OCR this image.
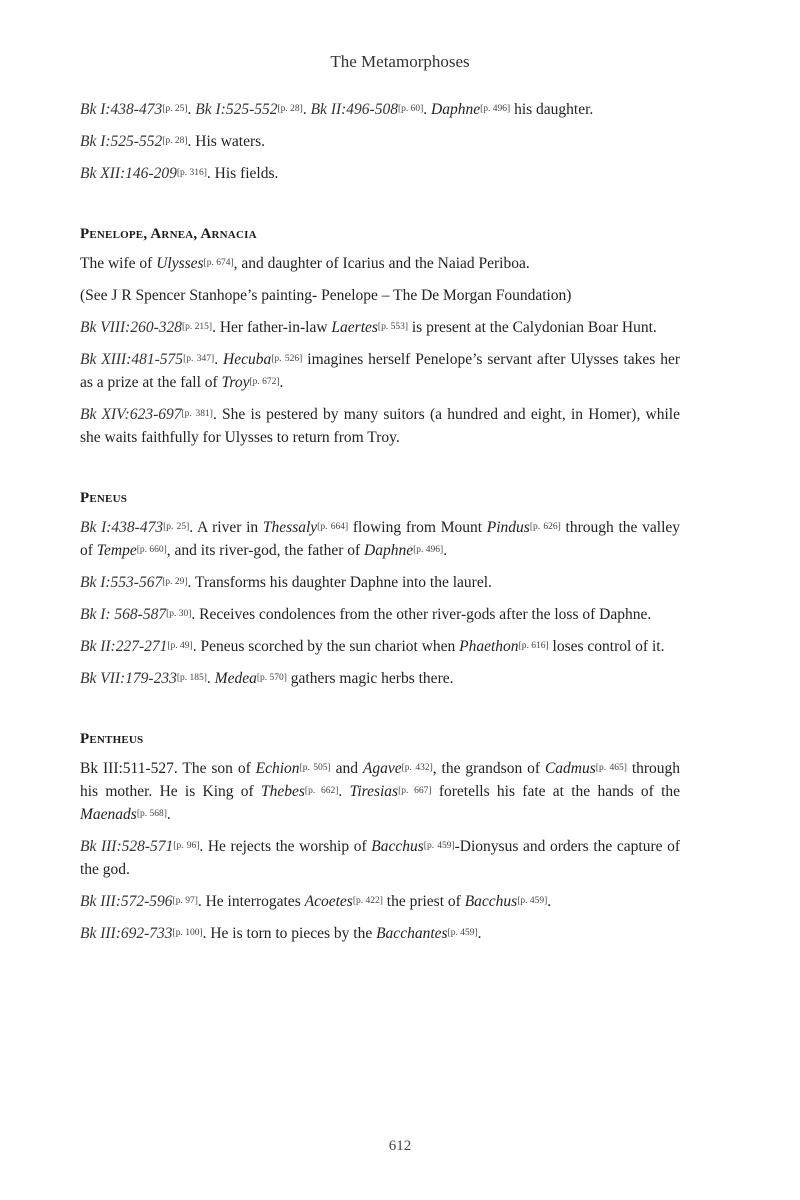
The Metamorphoses

Bk I:438-473[p. 25]. Bk I:525-552[p. 28]. Bk II:496-508[p. 60]. Daphne[p. 496] his daughter.

Bk I:525-552[p. 28]. His waters.

Bk XII:146-209[p. 316]. His fields.

Penelope, Arnea, Arnacia

The wife of Ulysses[p. 674], and daughter of Icarius and the Naiad Periboa.

(See J R Spencer Stanhope’s painting- Penelope – The De Morgan Foundation)

Bk VIII:260-328[p. 215]. Her father-in-law Laertes[p. 553] is present at the Calydonian Boar Hunt.

Bk XIII:481-575[p. 347]. Hecuba[p. 526] imagines herself Penelope’s servant after Ulysses takes her as a prize at the fall of Troy[p. 672].

Bk XIV:623-697[p. 381]. She is pestered by many suitors (a hundred and eight, in Homer), while she waits faithfully for Ulysses to return from Troy.

Peneus

Bk I:438-473[p. 25]. A river in Thessaly[p. 664] flowing from Mount Pindus[p. 626] through the valley of Tempe[p. 660], and its river-god, the father of Daphne[p. 496].

Bk I:553-567[p. 29]. Transforms his daughter Daphne into the laurel.

Bk I: 568-587[p. 30]. Receives condolences from the other river-gods after the loss of Daphne.

Bk II:227-271[p. 49]. Peneus scorched by the sun chariot when Phaethon[p. 616] loses control of it.

Bk VII:179-233[p. 185]. Medea[p. 570] gathers magic herbs there.

Pentheus

Bk III:511-527. The son of Echion[p. 505] and Agave[p. 432], the grandson of Cadmus[p. 465] through his mother. He is King of Thebes[p. 662]. Tiresias[p. 667] foretells his fate at the hands of the Maenads[p. 568].

Bk III:528-571[p. 96]. He rejects the worship of Bacchus[p. 459]-Dionysus and orders the capture of the god.

Bk III:572-596[p. 97]. He interrogates Acoetes[p. 422] the priest of Bacchus[p. 459].

Bk III:692-733[p. 100]. He is torn to pieces by the Bacchantes[p. 459].

612
